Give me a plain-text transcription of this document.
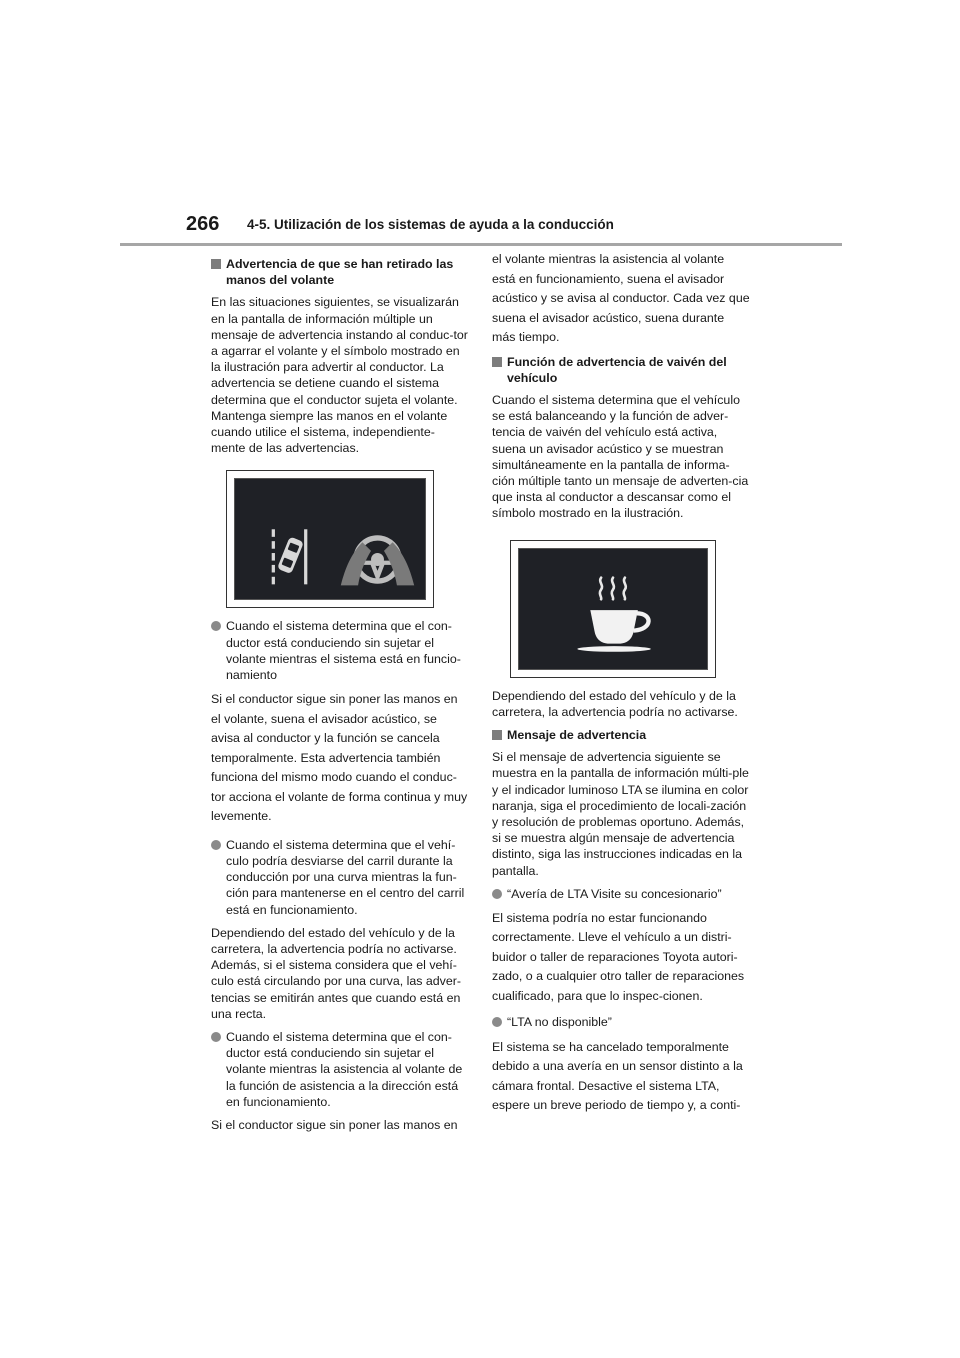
266 4-5. Utilización de los sistemas de ayuda a la conducción
Advertencia de que se han retirado las manos del volante

En las situaciones siguientes, se visualizarán en la pantalla de información múltiple un mensaje de advertencia instando al conduc-tor a agarrar el volante y el símbolo mostrado en la ilustración para advertir al conductor. La advertencia se detiene cuando el sistema determina que el conductor sujeta el volante. Mantenga siempre las manos en el volante cuando utilice el sistema, independiente-mente de las advertencias.

Cuando el sistema determina que el con-ductor está conduciendo sin sujetar el volante mientras el sistema está en funcio-namiento

Si el conductor sigue sin poner las manos en el volante, suena el avisador acústico, se avisa al conductor y la función se cancela temporalmente. Esta advertencia también funciona del mismo modo cuando el conduc-tor acciona el volante de forma continua y muy levemente.

Cuando el sistema determina que el vehí-culo podría desviarse del carril durante la conducción por una curva mientras la fun-ción para mantenerse en el centro del carril está en funcionamiento.

Dependiendo del estado del vehículo y de la carretera, la advertencia podría no activarse. Además, si el sistema considera que el vehí-culo está circulando por una curva, las adver-tencias se emitirán antes que cuando está en una recta.

Cuando el sistema determina que el con-ductor está conduciendo sin sujetar el volante mientras la asistencia al volante de la función de asistencia a la dirección está en funcionamiento.

Si el conductor sigue sin poner las manos en

el volante mientras la asistencia al volante está en funcionamiento, suena el avisador acústico y se avisa al conductor. Cada vez que suena el avisador acústico, suena durante más tiempo.

Función de advertencia de vaivén del vehículo

Cuando el sistema determina que el vehículo se está balanceando y la función de adver-tencia de vaivén del vehículo está activa, suena un avisador acústico y se muestran simultáneamente en la pantalla de informa-ción múltiple tanto un mensaje de adverten-cia que insta al conductor a descansar como el símbolo mostrado en la ilustración.

Dependiendo del estado del vehículo y de la carretera, la advertencia podría no activarse.

Mensaje de advertencia

Si el mensaje de advertencia siguiente se muestra en la pantalla de información múlti-ple y el indicador luminoso LTA se ilumina en color naranja, siga el procedimiento de locali-zación y resolución de problemas oportuno. Además, si se muestra algún mensaje de advertencia distinto, siga las instrucciones indicadas en la pantalla.

“Avería de LTA Visite su concesionario”

El sistema podría no estar funcionando correctamente. Lleve el vehículo a un distri-buidor o taller de reparaciones Toyota autori-zado, o a cualquier otro taller de reparaciones cualificado, para que lo inspec-cionen.

“LTA no disponible”

El sistema se ha cancelado temporalmente debido a una avería en un sensor distinto a la cámara frontal. Desactive el sistema LTA, espere un breve periodo de tiempo y, a conti-
